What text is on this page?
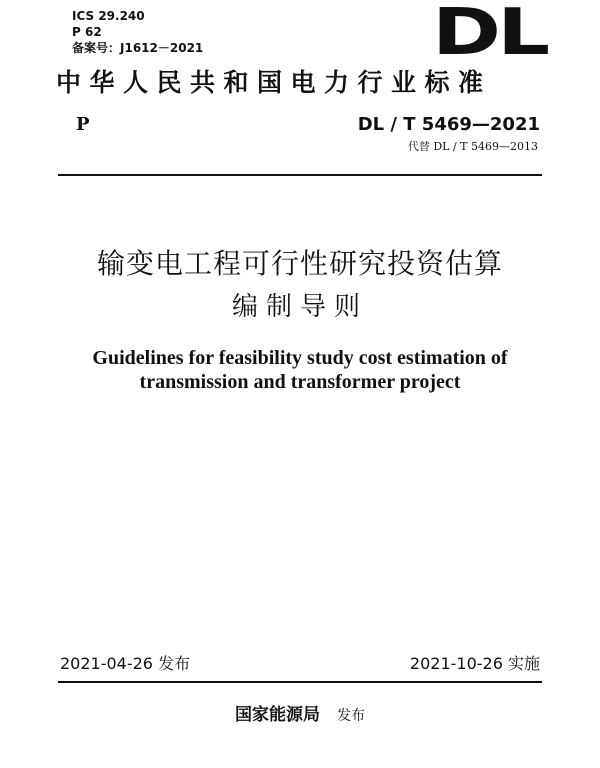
ICS 29.240
P 62
备案号：J1612－2021	DL
中华人民共和国电力行业标准
P	DL / T 5469—2021
代替 DL / T 5469—2013
输变电工程可行性研究投资估算
编制导则
Guidelines for feasibility study cost estimation of
transmission and transformer project
2021-04-26 发布	2021-10-26 实施
国家能源局 发布
